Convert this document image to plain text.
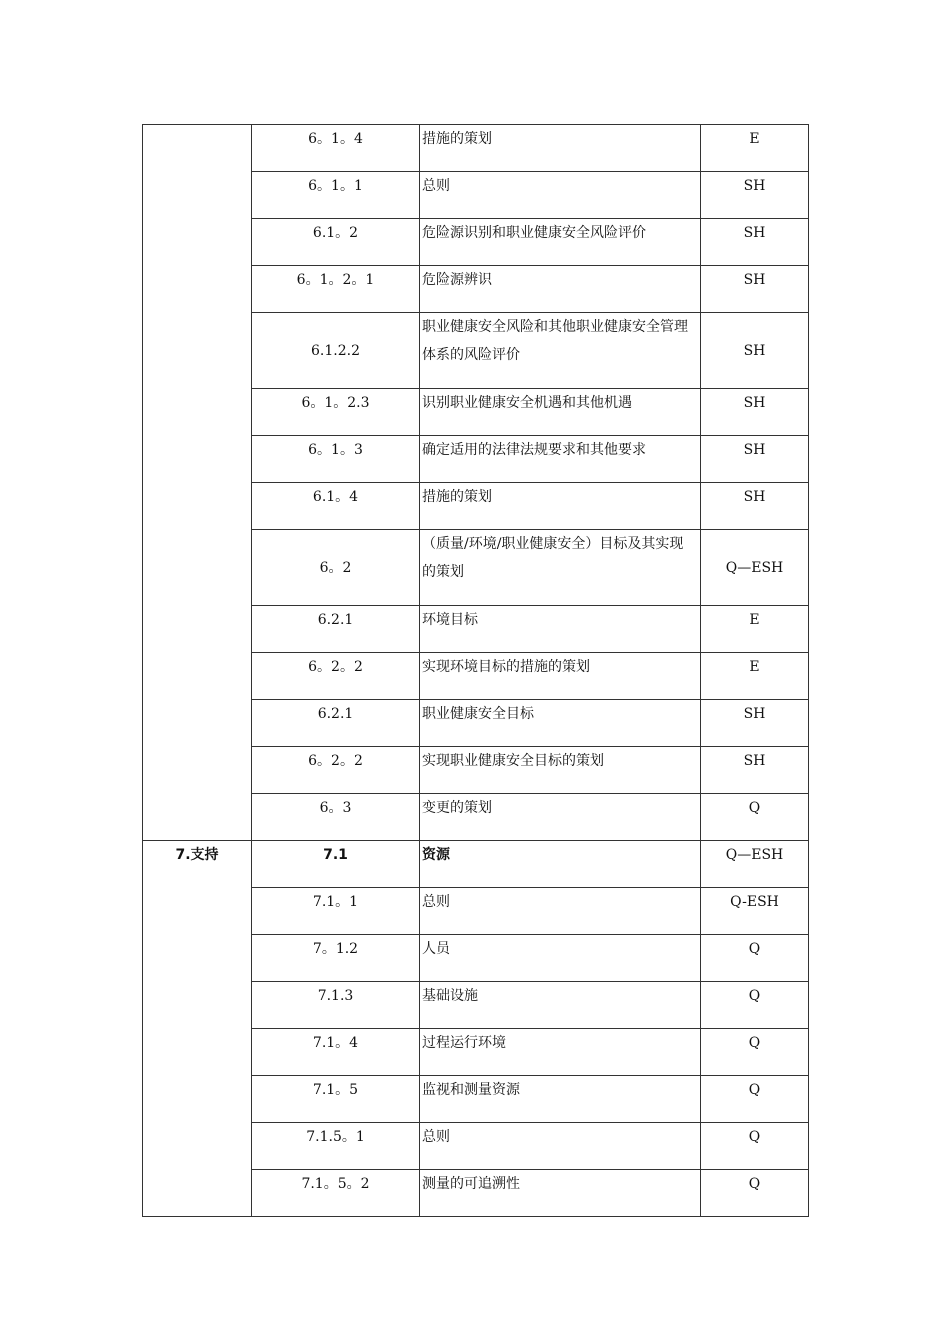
	6。1。4	措施的策划	E
	6。1。1	总则	SH
	6.1。2	危险源识别和职业健康安全风险评价	SH
	6。1。2。1	危险源辨识	SH
	6.1.2.2	职业健康安全风险和其他职业健康安全管理体系的风险评价	SH
	6。1。2.3	识别职业健康安全机遇和其他机遇	SH
	6。1。3	确定适用的法律法规要求和其他要求	SH
	6.1。4	措施的策划	SH
	6。2	（质量/环境/职业健康安全）目标及其实现的策划	Q—ESH
	6.2.1	环境目标	E
	6。2。2	实现环境目标的措施的策划	E
	6.2.1	职业健康安全目标	SH
	6。2。2	实现职业健康安全目标的策划	SH
	6。3	变更的策划	Q
7.支持	7.1	资源	Q—ESH
	7.1。1	总则	Q-ESH
	7。1.2	人员	Q
	7.1.3	基础设施	Q
	7.1。4	过程运行环境	Q
	7.1。5	监视和测量资源	Q
	7.1.5。1	总则	Q
	7.1。5。2	测量的可追溯性	Q
